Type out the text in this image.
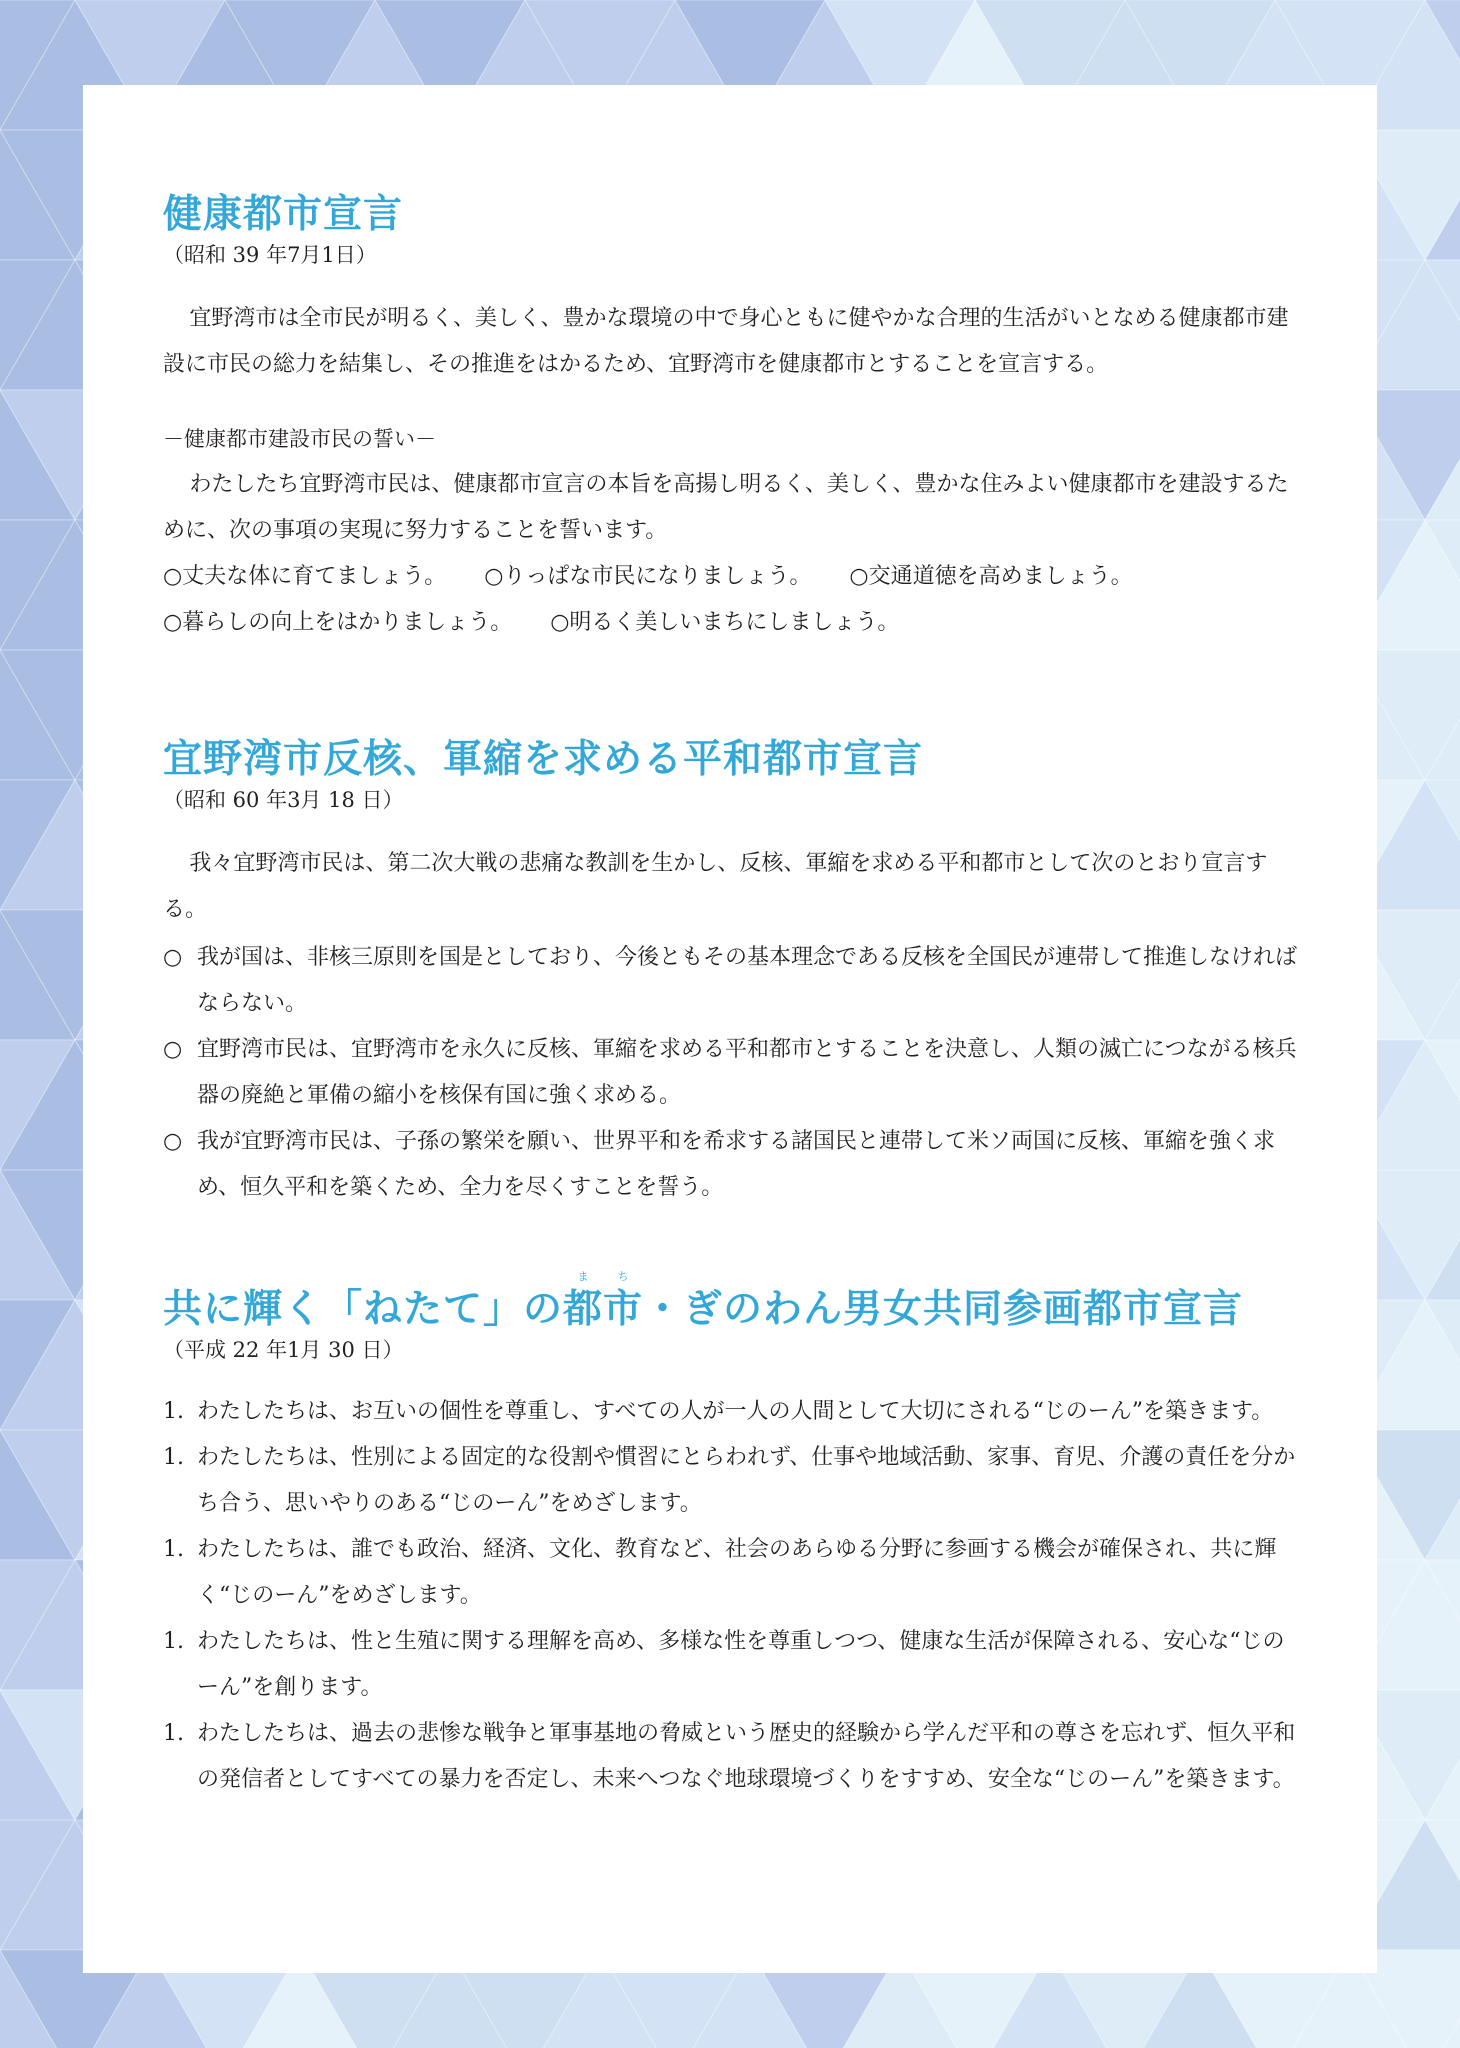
健康都市宣言
（昭和 39 年7月1日）

宜野湾市は全市民が明るく、美しく、豊かな環境の中で身心ともに健やかな合理的生活がいとなめる健康都市建設に市民の総力を結集し、その推進をはかるため、宜野湾市を健康都市とすることを宣言する。

－健康都市建設市民の誓い－

わたしたち宜野湾市民は、健康都市宣言の本旨を高揚し明るく、美しく、豊かな住みよい健康都市を建設するために、次の事項の実現に努力することを誓います。

○丈夫な体に育てましょう。 ○りっぱな市民になりましょう。 ○交通道徳を高めましょう。
○暮らしの向上をはかりましょう。 ○明るく美しいまちにしましょう。
宜野湾市反核、軍縮を求める平和都市宣言
（昭和 60 年3月 18 日）

我々宜野湾市民は、第二次大戦の悲痛な教訓を生かし、反核、軍縮を求める平和都市として次のとおり宣言する。

○ 我が国は、非核三原則を国是としており、今後ともその基本理念である反核を全国民が連帯して推進しなければならない。
○ 宜野湾市民は、宜野湾市を永久に反核、軍縮を求める平和都市とすることを決意し、人類の滅亡につながる核兵器の廃絶と軍備の縮小を核保有国に強く求める。
○ 我が宜野湾市民は、子孫の繁栄を願い、世界平和を希求する諸国民と連帯して米ソ両国に反核、軍縮を強く求め、恒久平和を築くため、全力を尽くすことを誓う。
共に輝く「ねたて」の
ま	ち
都市・ぎのわん男女共同参画都市宣言
（平成 22 年1月 30 日）
1. わたしたちは、お互いの個性を尊重し、すべての人が一人の人間として大切にされる“じのーん”を築きます。
1. わたしたちは、性別による固定的な役割や慣習にとらわれず、仕事や地域活動、家事、育児、介護の責任を分かち合う、思いやりのある“じのーん”をめざします。
1. わたしたちは、誰でも政治、経済、文化、教育など、社会のあらゆる分野に参画する機会が確保され、共に輝く“じのーん”をめざします。
1. わたしたちは、性と生殖に関する理解を高め、多様な性を尊重しつつ、健康な生活が保障される、安心な“じのーん”を創ります。
1. わたしたちは、過去の悲惨な戦争と軍事基地の脅威という歴史的経験から学んだ平和の尊さを忘れず、恒久平和の発信者としてすべての暴力を否定し、未来へつなぐ地球環境づくりをすすめ、安全な“じのーん”を築きます。
